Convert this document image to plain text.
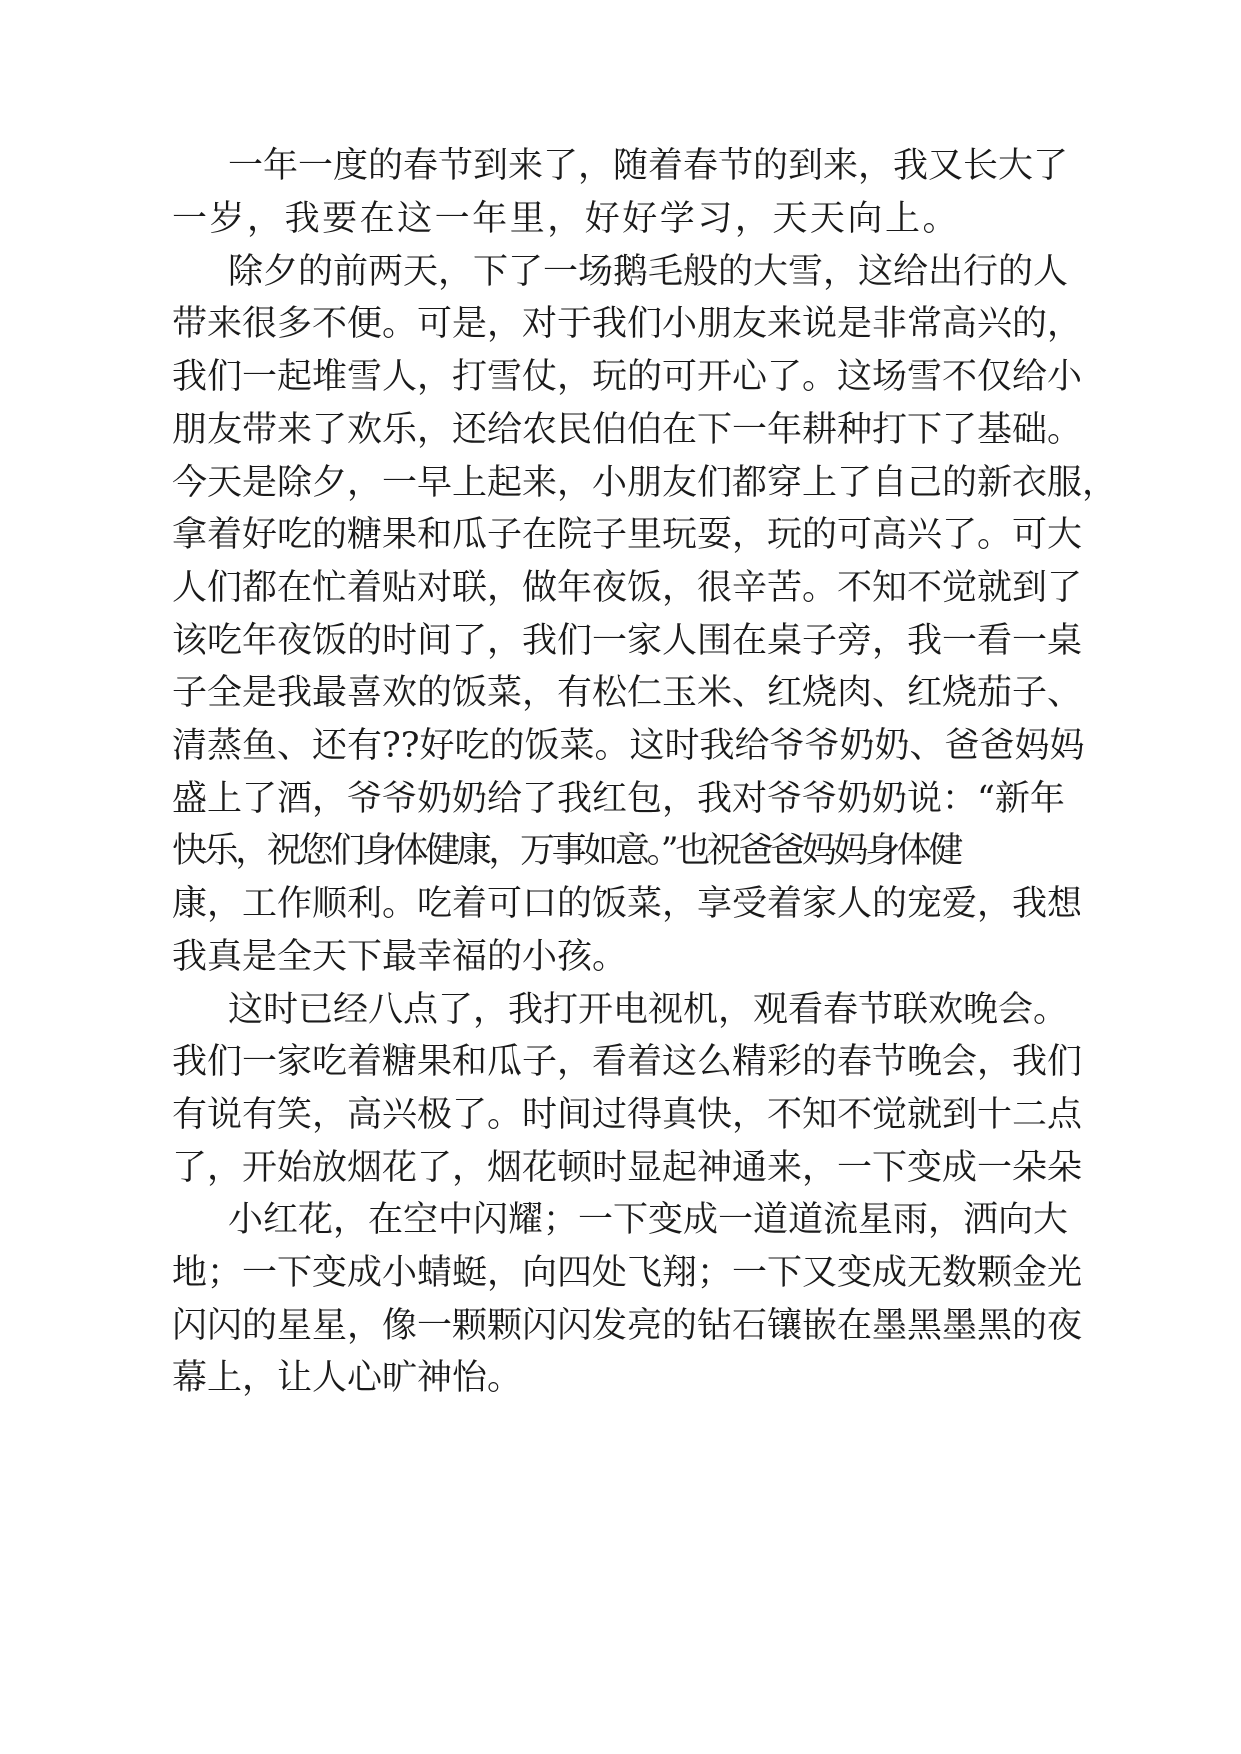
一年一度的春节到来了，随着春节的到来，我又长大了
一岁，我要在这一年里，好好学习，天天向上。
除夕的前两天，下了一场鹅毛般的大雪，这给出行的人
带来很多不便。可是，对于我们小朋友来说是非常高兴的，
我们一起堆雪人，打雪仗，玩的可开心了。这场雪不仅给小
朋友带来了欢乐，还给农民伯伯在下一年耕种打下了基础。
今天是除夕，一早上起来，小朋友们都穿上了自己的新衣服，
拿着好吃的糖果和瓜子在院子里玩耍，玩的可高兴了。可大
人们都在忙着贴对联，做年夜饭，很辛苦。不知不觉就到了
该吃年夜饭的时间了，我们一家人围在桌子旁，我一看一桌
子全是我最喜欢的饭菜，有松仁玉米、红烧肉、红烧茄子、
清蒸鱼、还有??好吃的饭菜。这时我给爷爷奶奶、爸爸妈妈
盛上了酒，爷爷奶奶给了我红包，我对爷爷奶奶说：“新年
快乐，祝您们身体健康，万事如意。”也祝爸爸妈妈身体健
康，工作顺利。吃着可口的饭菜，享受着家人的宠爱，我想
我真是全天下最幸福的小孩。
这时已经八点了，我打开电视机，观看春节联欢晚会。
我们一家吃着糖果和瓜子，看着这么精彩的春节晚会，我们
有说有笑，高兴极了。时间过得真快，不知不觉就到十二点
了，开始放烟花了，烟花顿时显起神通来，一下变成一朵朵
小红花，在空中闪耀；一下变成一道道流星雨，洒向大
地；一下变成小蜻蜓，向四处飞翔；一下又变成无数颗金光
闪闪的星星，像一颗颗闪闪发亮的钻石镶嵌在墨黑墨黑的夜
幕上，让人心旷神怡。
